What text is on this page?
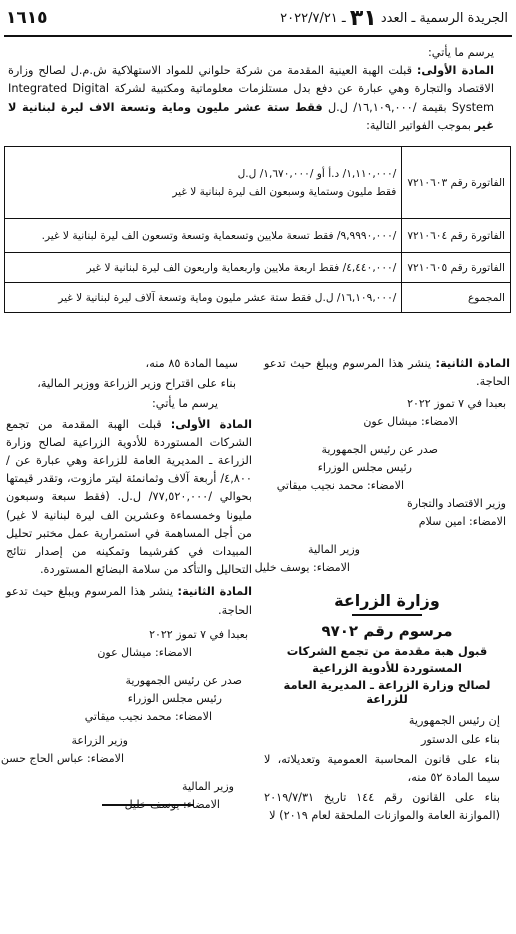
الجريدة الرسمية ـ العدد ٣١ ـ ٢٠٢٢/٧/٢١
١٦١٥

يرسم ما يأتي:

المادة الأولى: قبلت الهبة العينية المقدمة من شركة حلواني للمواد الاستهلاكية ش.م.ل لصالح وزارة الاقتصاد والتجارة وهي عبارة عن دفع بدل مستلزمات معلوماتية ومكتبية لشركة Integrated Digital System بقيمة /١٦,١٠٩,٠٠٠/ ل.ل فقط ستة عشر مليون وماية وتسعة الاف ليرة لبنانية لا غير بموجب الفواتير التالية:

الفاتورة رقم ٧٢١٠٦٠٣	/١,١١٠,٠٠٠/ د.أ أو /١,٦٧٠,٠٠٠/ ل.ل
فقط مليون وستماية وسبعون الف ليرة لبنانية لا غير

الفاتورة رقم ٧٢١٠٦٠٤	/٩,٩٩٩٠,٠٠٠/ فقط تسعة ملايين وتسعماية وتسعة وتسعون الف ليرة لبنانية لا غير.
الفاتورة رقم ٧٢١٠٦٠٥	/٤,٤٤٠,٠٠٠/ فقط اربعة ملايين واربعماية واربعون الف ليرة لبنانية لا غير
المجموع	/١٦,١٠٩,٠٠٠/ ل.ل فقط ستة عشر مليون وماية وتسعة آلاف ليرة لبنانية لا غير

المادة الثانية: ينشر هذا المرسوم ويبلغ حيث تدعو الحاجة.

بعبدا في ٧ تموز ٢٠٢٢
الامضاء: ميشال عون
صدر عن رئيس الجمهورية
رئيس مجلس الوزراء
الامضاء: محمد نجيب ميقاتي
وزير الاقتصاد والتجارة
الامضاء: امين سلام
وزير المالية
الامضاء: يوسف خليل
وزارة الزراعة
مرسوم رقم ٩٧٠٢
قبول هبة مقدمة من تجمع الشركات
المستوردة للأدوية الزراعية
لصالح وزارة الزراعة ـ المديرية العامة للزراعة

إن رئيس الجمهورية

بناء على الدستور

بناء على قانون المحاسبة العمومية وتعديلاته، لا سيما المادة ٥٢ منه،

بناء على القانون رقم ١٤٤ تاريخ ٢٠١٩/٧/٣١ (الموازنة العامة والموازنات الملحقة لعام ٢٠١٩) لا

سيما المادة ٨٥ منه،

بناء على اقتراح وزير الزراعة ووزير المالية،

يرسم ما يأتي:

المادة الأولى: قبلت الهبة المقدمة من تجمع الشركات المستوردة للأدوية الزراعية لصالح وزارة الزراعة ـ المديرية العامة للزراعة وهي عبارة عن /٤,٨٠٠/ أربعة آلاف وثمانمئة ليتر مازوت، وتقدر قيمتها بحوالي /٧٧,٥٢٠,٠٠٠/ ل.ل. (فقط سبعة وسبعون مليونا وخمسماءة وعشرين الف ليرة لبنانية لا غير) من أجل المساهمة في استمرارية عمل مختبر تحليل المبيدات في كفرشيما وتمكينه من إصدار نتائج التحاليل والتأكد من سلامة البضائع المستوردة.

المادة الثانية: ينشر هذا المرسوم ويبلغ حيث تدعو الحاجة.

بعبدا في ٧ تموز ٢٠٢٢
الامضاء: ميشال عون
صدر عن رئيس الجمهورية
رئيس مجلس الوزراء
الامضاء: محمد نجيب ميقاتي
وزير الزراعة
الامضاء: عباس الحاج حسن
وزير المالية
الامضاء: يوسف خليل
